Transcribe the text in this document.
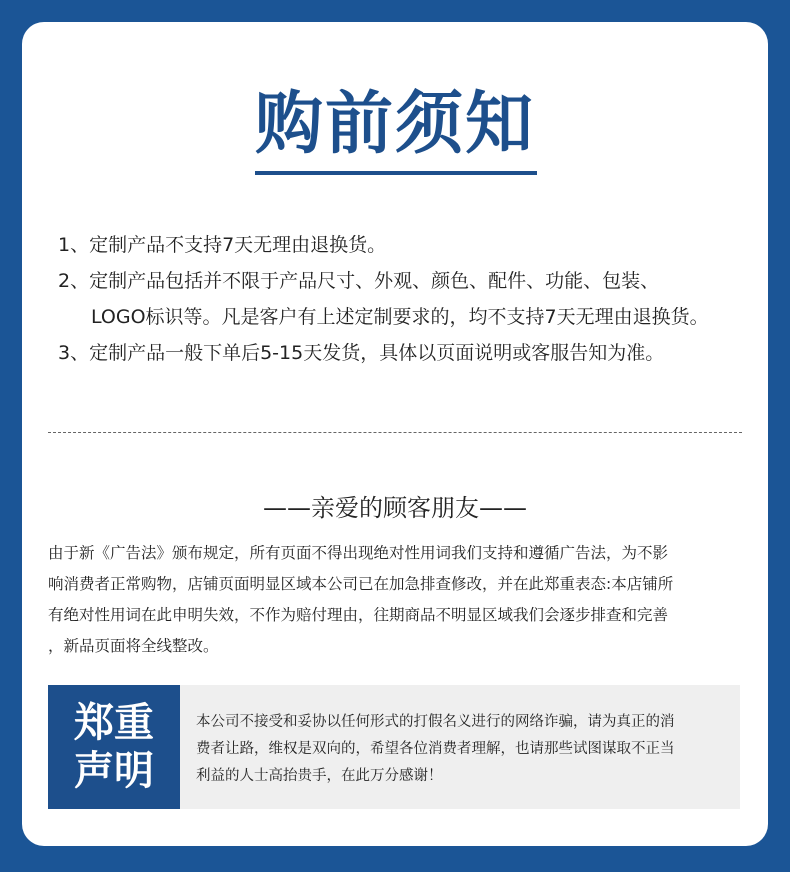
购前须知
1、定制产品不支持7天无理由退换货。
2、定制产品包括并不限于产品尺寸、外观、颜色、配件、功能、包装、
LOGO标识等。凡是客户有上述定制要求的，均不支持7天无理由退换货。
3、定制产品一般下单后5-15天发货，具体以页面说明或客服告知为准。
——亲爱的顾客朋友——
由于新《广告法》颁布规定，所有页面不得出现绝对性用词我们支持和遵循广告法，为不影
响消费者正常购物，店铺页面明显区域本公司已在加急排查修改，并在此郑重表态:本店铺所
有绝对性用词在此申明失效，不作为赔付理由，往期商品不明显区域我们会逐步排查和完善
，新品页面将全线整改。
郑重
声明
本公司不接受和妥协以任何形式的打假名义进行的网络诈骗，请为真正的消
费者让路，维权是双向的，希望各位消费者理解，也请那些试图谋取不正当
利益的人士高抬贵手，在此万分感谢！
